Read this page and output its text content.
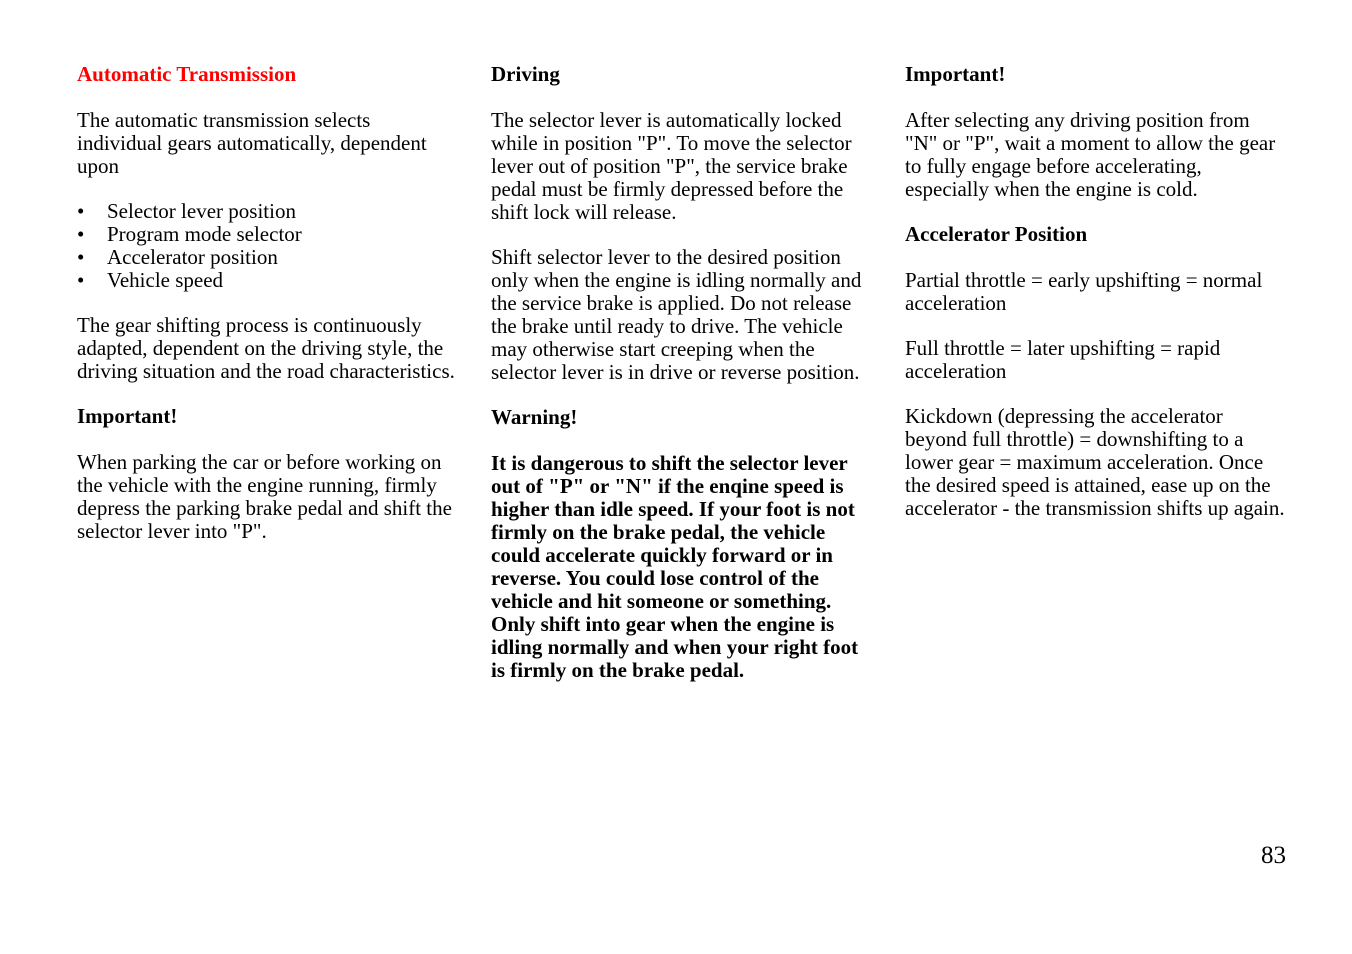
Automatic Transmission

The automatic transmission selects individual gears automatically, dependent upon

• Selector lever position
• Program mode selector
• Accelerator position
• Vehicle speed

The gear shifting process is continuously adapted, dependent on the driving style, the driving situation and the road characteristics.

Important!

When parking the car or before working on the vehicle with the engine running, firmly depress the parking brake pedal and shift the selector lever into "P".

Driving

The selector lever is automatically locked while in position "P". To move the selector lever out of position "P", the service brake pedal must be firmly depressed before the shift lock will release.

Shift selector lever to the desired position only when the engine is idling normally and the service brake is applied. Do not release the brake until ready to drive. The vehicle may otherwise start creeping when the selector lever is in drive or reverse position.

Warning!

It is dangerous to shift the selector lever out of "P" or "N" if the enqine speed is higher than idle speed. If your foot is not firmly on the brake pedal, the vehicle could accelerate quickly forward or in reverse. You could lose control of the vehicle and hit someone or something. Only shift into gear when the engine is idling normally and when your right foot is firmly on the brake pedal.

Important!

After selecting any driving position from "N" or "P", wait a moment to allow the gear to fully engage before accelerating, especially when the engine is cold.

Accelerator Position

Partial throttle = early upshifting = normal acceleration

Full throttle = later upshifting = rapid acceleration

Kickdown (depressing the accelerator beyond full throttle) = downshifting to a lower gear = maximum acceleration. Once the desired speed is attained, ease up on the accelerator - the transmission shifts up again.

83
